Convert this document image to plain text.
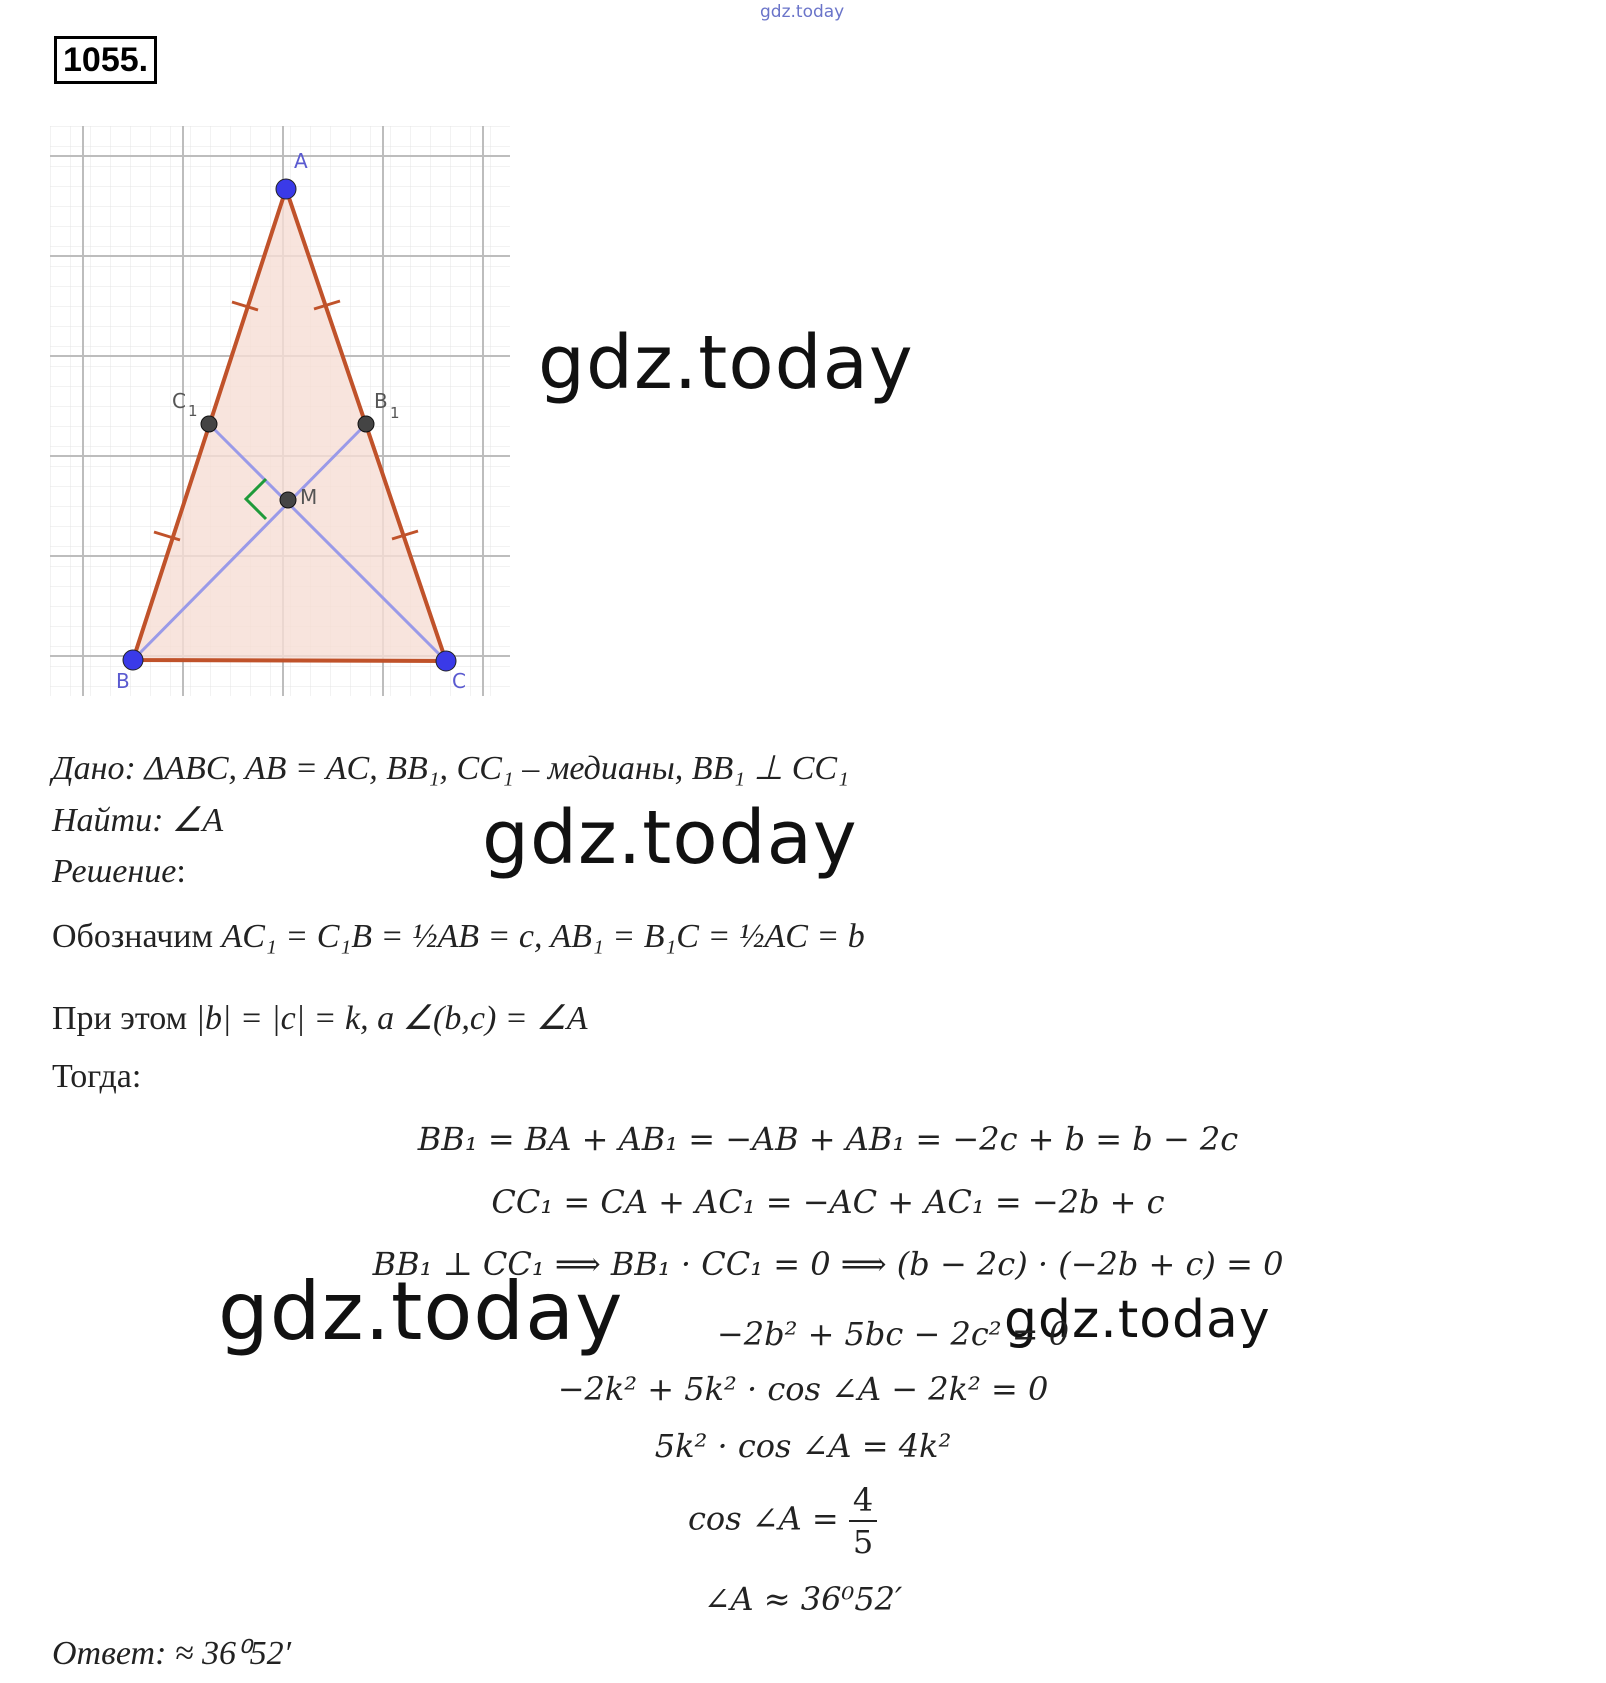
gdz.today
1055.
A
B	C
C 1	B 1
M
gdz.today
gdz.today
gdz.today	gdz.today
Дано: ΔABC, AB = AC, BB₁, CC₁ – медианы, BB₁ ⊥ CC₁
Найти: ∠A
Решение:
Обозначим AC₁ = C₁B = ½AB = c, AB₁ = B₁C = ½AC = b
При этом |b| = |c| = k, а ∠(b,c) = ∠A
Тогда:
BB₁ = BA + AB₁ = −AB + AB₁ = −2c + b = b − 2c
CC₁ = CA + AC₁ = −AC + AC₁ = −2b + c
BB₁ ⊥ CC₁ ⟹ BB₁ · CC₁ = 0 ⟹ (b − 2c) · (−2b + c) = 0
−2b² + 5bc − 2c² = 0
−2k² + 5k² · cos ∠A − 2k² = 0
5k² · cos ∠A = 4k²
cos ∠A = $\frac{4}{5}$
∠A ≈ 36⁰52′
Ответ: ≈ 36⁰52′
